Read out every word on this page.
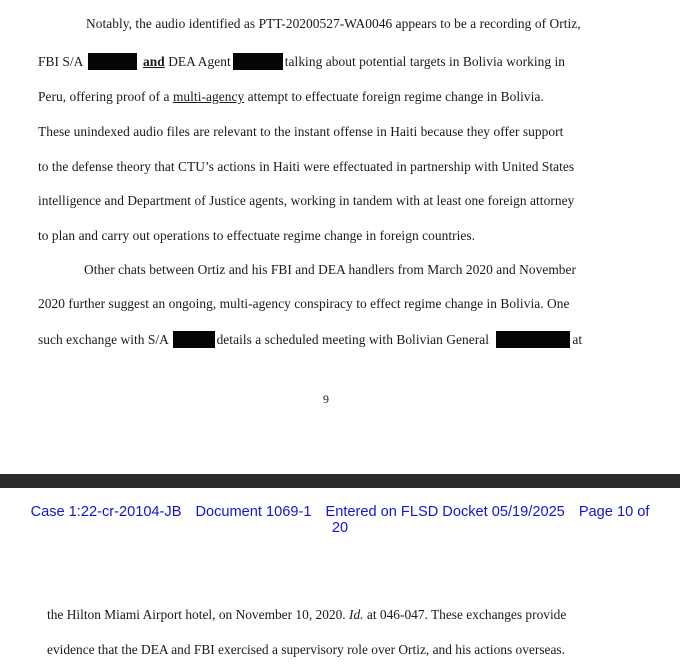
Notably, the audio identified as PTT-20200527-WA0046 appears to be a recording of Ortiz,
FBI S/A	and DEA Agent	talking about potential targets in Bolivia working in
Peru, offering proof of a multi-agency attempt to effectuate foreign regime change in Bolivia.
These unindexed audio files are relevant to the instant offense in Haiti because they offer support
to the defense theory that CTU’s actions in Haiti were effectuated in partnership with United States
intelligence and Department of Justice agents, working in tandem with at least one foreign attorney
to plan and carry out operations to effectuate regime change in foreign countries.
Other chats between Ortiz and his FBI and DEA handlers from March 2020 and November
2020 further suggest an ongoing, multi-agency conspiracy to effect regime change in Bolivia. One
such exchange with S/A	details a scheduled meeting with Bolivian General	at
9
Case 1:22-cr-20104-JB Document 1069-1 Entered on FLSD Docket 05/19/2025 Page 10 of
20
the Hilton Miami Airport hotel, on November 10, 2020. Id. at 046-047. These exchanges provide
evidence that the DEA and FBI exercised a supervisory role over Ortiz, and his actions overseas.
